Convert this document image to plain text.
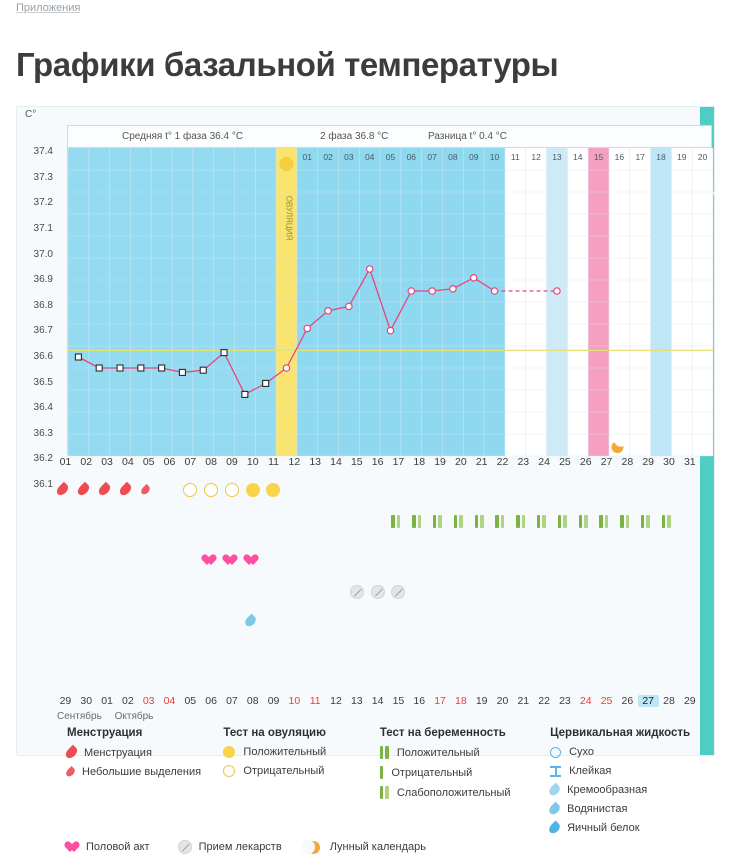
Приложения
Графики базальной температуры
37.4
37.3
37.2
37.1
37.0
36.9
36.8
36.7
36.6
36.5
36.4
36.3
36.2
36.1
C°
Средняя t° 1 фаза 36.4 °C	2 фаза 36.8 °C	Разница t° 0.4 °C
ОВУЛЯЦИЯ
01 02 03 04 05 06 07 08 09 10 11 12 13 14 15 16 17 18 19 20
01 02 03 04 05 06 07 08 09 10 11 12 13 14 15 16 17 18 19 20 21 22 23 24 25 26 27 28 29 30 31
29 30 01 02 03 04 05 06 07 08 09 10 11 12 13 14 15 16 17 18 19 20 21 22 23 24 25 26 27 28 29
Сентябрь Октябрь
Менструация
Менструация
Небольшие выделения
Тест на овуляцию
Положительный
Отрицательный
Тест на беременность
Положительный
Отрицательный
Слабоположительный
Цервикальная жидкость
Сухо
Клейкая
Кремообразная
Водянистая
Яичный белок
Половой акт	Прием лекарств	Лунный календарь
